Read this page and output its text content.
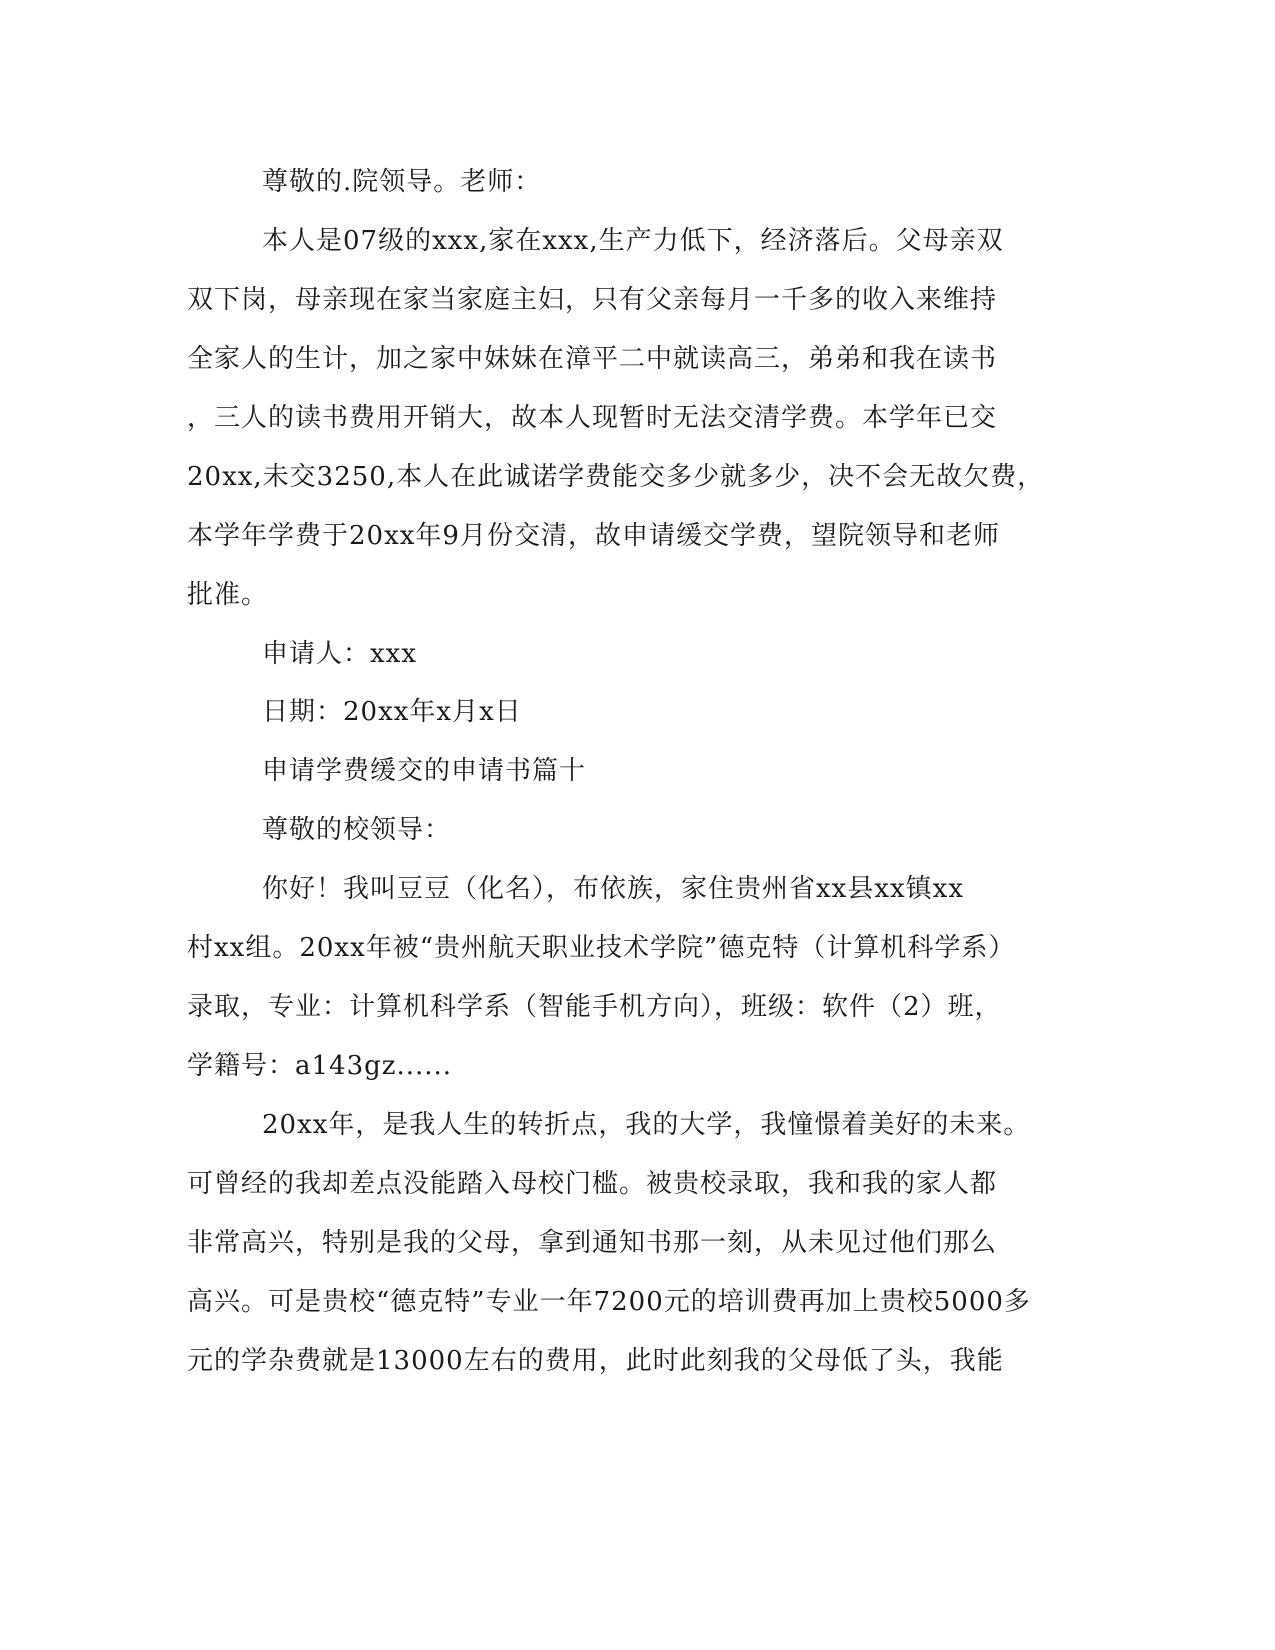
尊敬的.院领导。老师：
本人是07级的xxx,家在xxx,生产力低下，经济落后。父母亲双
双下岗，母亲现在家当家庭主妇，只有父亲每月一千多的收入来维持
全家人的生计，加之家中妹妹在漳平二中就读高三，弟弟和我在读书
，三人的读书费用开销大，故本人现暂时无法交清学费。本学年已交
20xx,未交3250,本人在此诚诺学费能交多少就多少，决不会无故欠费，
本学年学费于20xx年9月份交清，故申请缓交学费，望院领导和老师
批准。
申请人：xxx
日期：20xx年x月x日
申请学费缓交的申请书篇十
尊敬的校领导：
你好！我叫豆豆（化名），布依族，家住贵州省xx县xx镇xx
村xx组。20xx年被“贵州航天职业技术学院”德克特（计算机科学系）
录取，专业：计算机科学系（智能手机方向），班级：软件（2）班，
学籍号：a143gz......
20xx年，是我人生的转折点，我的大学，我憧憬着美好的未来。
可曾经的我却差点没能踏入母校门槛。被贵校录取，我和我的家人都
非常高兴，特别是我的父母，拿到通知书那一刻，从未见过他们那么
高兴。可是贵校“德克特”专业一年7200元的培训费再加上贵校5000多
元的学杂费就是13000左右的费用，此时此刻我的父母低了头，我能
